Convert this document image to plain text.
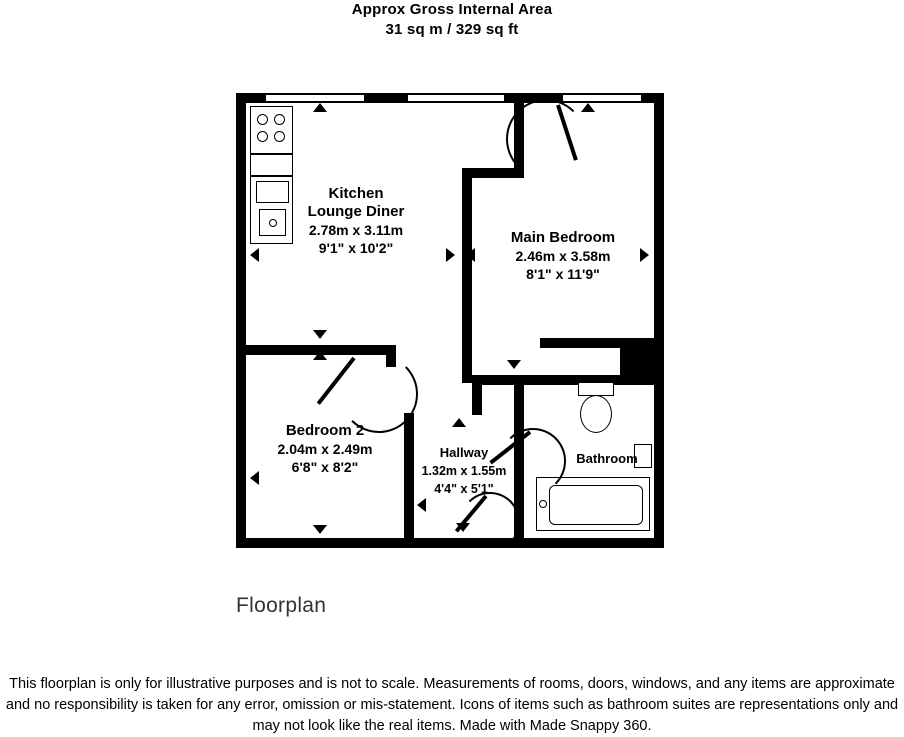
Approx Gross Internal Area
31 sq m / 329 sq ft
Kitchen
Lounge Diner
2.78m x 3.11m
9'1" x 10'2"
Main Bedroom
2.46m x 3.58m
8'1" x 11'9"
Bedroom 2
2.04m x 2.49m
6'8" x 8'2"
Hallway
1.32m x 1.55m
4'4" x 5'1"
Bathroom
Floorplan
This floorplan is only for illustrative purposes and is not to scale. Measurements of rooms, doors, windows, and any items are approximate
and no responsibility is taken for any error, omission or mis-statement. Icons of items such as bathroom suites are representations only and
may not look like the real items. Made with Made Snappy 360.
